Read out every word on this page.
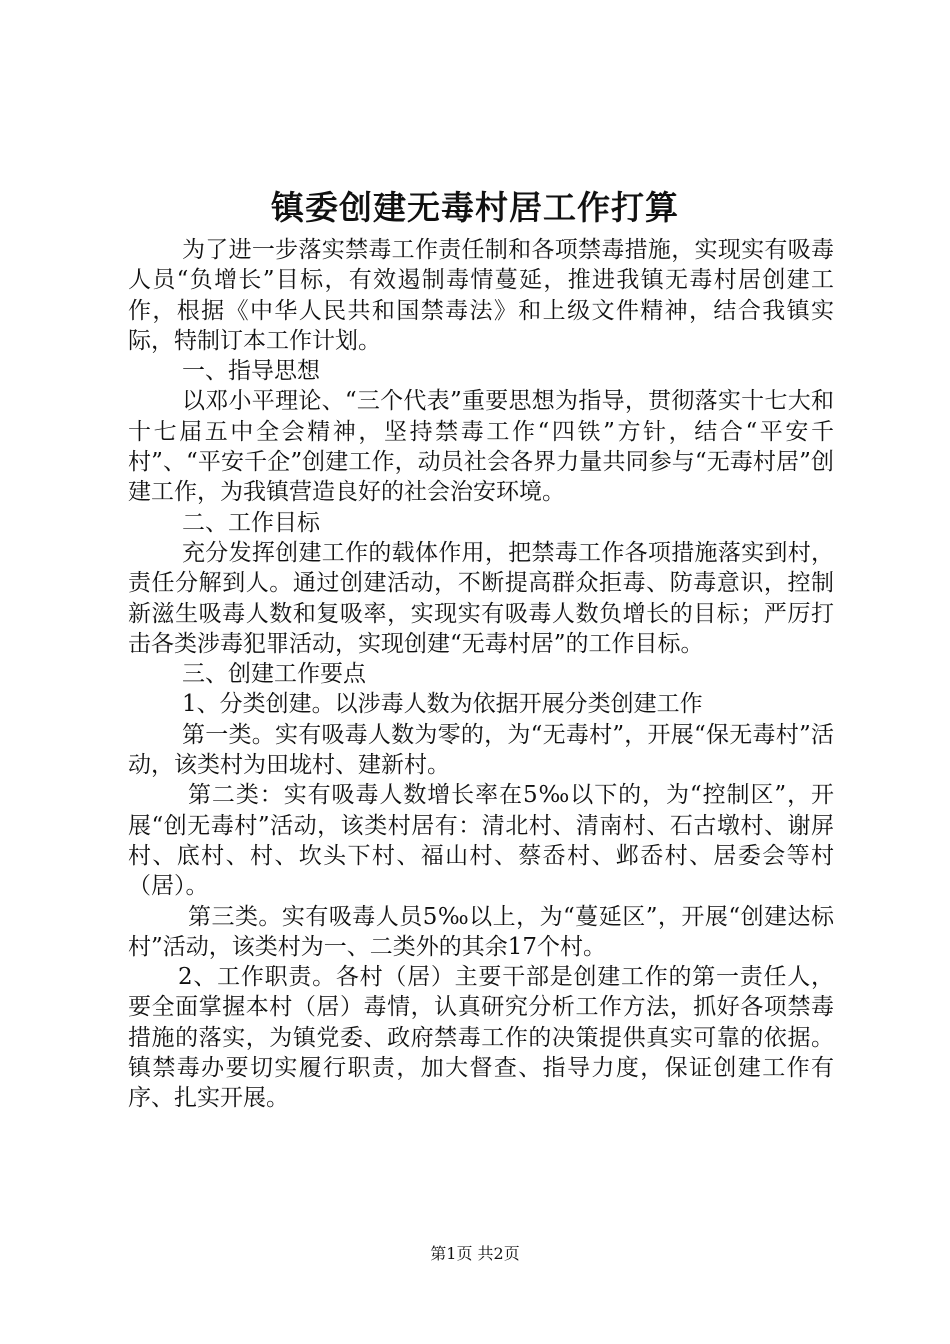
镇委创建无毒村居工作打算

为了进一步落实禁毒工作责任制和各项禁毒措施，实现实有吸毒人员“负增长”目标，有效遏制毒情蔓延，推进我镇无毒村居创建工作，根据《中华人民共和国禁毒法》和上级文件精神，结合我镇实际，特制订本工作计划。

一、指导思想

以邓小平理论、“三个代表”重要思想为指导，贯彻落实十七大和十七届五中全会精神，坚持禁毒工作“四铁”方针，结合“平安千村”、“平安千企”创建工作，动员社会各界力量共同参与“无毒村居”创建工作，为我镇营造良好的社会治安环境。

二、工作目标

充分发挥创建工作的载体作用，把禁毒工作各项措施落实到村，责任分解到人。通过创建活动，不断提高群众拒毒、防毒意识，控制新滋生吸毒人数和复吸率，实现实有吸毒人数负增长的目标；严厉打击各类涉毒犯罪活动，实现创建“无毒村居”的工作目标。

三、创建工作要点

1、分类创建。以涉毒人数为依据开展分类创建工作

第一类。实有吸毒人数为零的，为“无毒村”，开展“保无毒村”活动，该类村为田垅村、建新村。

第二类：实有吸毒人数增长率在5‰以下的，为“控制区”，开展“创无毒村”活动，该类村居有：清北村、清南村、石古墩村、谢屏村、底村、村、坎头下村、福山村、蔡岙村、邺岙村、居委会等村（居）。

第三类。实有吸毒人员5‰以上，为“蔓延区”，开展“创建达标村”活动，该类村为一、二类外的其余17个村。

2、工作职责。各村（居）主要干部是创建工作的第一责任人，要全面掌握本村（居）毒情，认真研究分析工作方法，抓好各项禁毒措施的落实，为镇党委、政府禁毒工作的决策提供真实可靠的依据。镇禁毒办要切实履行职责，加大督查、指导力度，保证创建工作有序、扎实开展。

第1页 共2页
